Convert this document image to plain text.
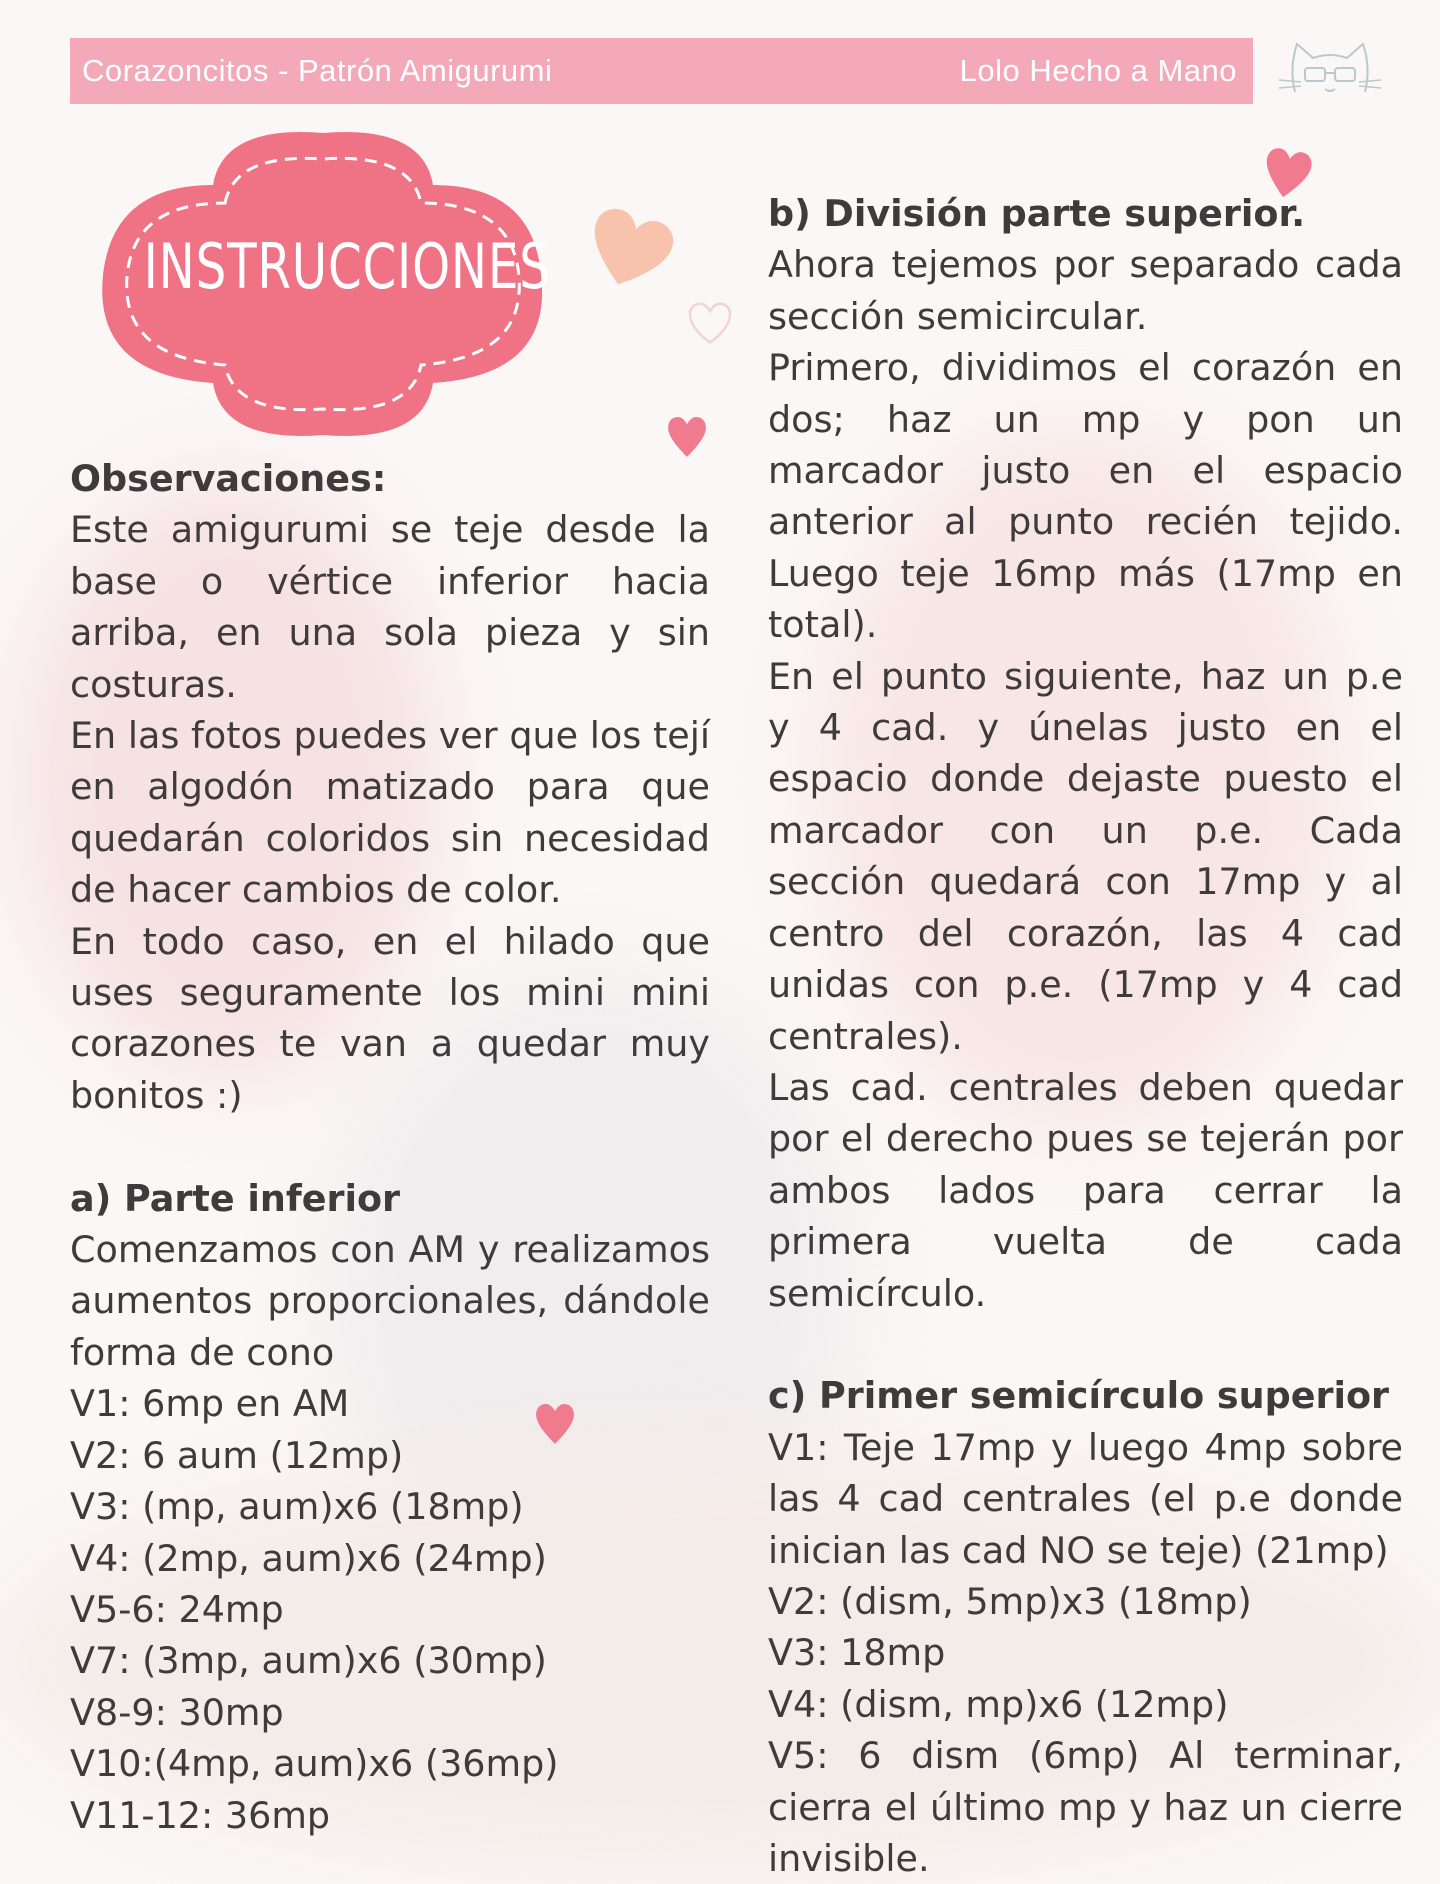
Corazoncitos - Patrón Amigurumi	Lolo Hecho a Mano
INSTRUCCIONES

Observaciones:

Este amigurumi se teje desde la base o vértice inferior hacia arriba, en una sola pieza y sin costuras.

En las fotos puedes ver que los tejí en algodón matizado para que quedarán coloridos sin necesidad de hacer cambios de color.

En todo caso, en el hilado que uses seguramente los mini mini corazones te van a quedar muy bonitos :)

a) Parte inferior

Comenzamos con AM y realizamos aumentos proporcionales, dándole forma de cono

V1: 6mp en AM

V2: 6 aum (12mp)

V3: (mp, aum)x6 (18mp)

V4: (2mp, aum)x6 (24mp)

V5-6: 24mp

V7: (3mp, aum)x6 (30mp)

V8-9: 30mp

V10:(4mp, aum)x6 (36mp)

V11-12: 36mp

b) División parte superior.

Ahora tejemos por separado cada sección semicircular.

Primero, dividimos el corazón en dos; haz un mp y pon un marcador justo en el espacio anterior al punto recién tejido. Luego teje 16mp más (17mp en total).

En el punto siguiente, haz un p.e y 4 cad. y únelas justo en el espacio donde dejaste puesto el marcador con un p.e. Cada sección quedará con 17mp y al centro del corazón, las 4 cad unidas con p.e. (17mp y 4 cad centrales).

Las cad. centrales deben quedar por el derecho pues se tejerán por ambos lados para cerrar la primera vuelta de cada semicírculo.

c) Primer semicírculo superior

V1: Teje 17mp y luego 4mp sobre las 4 cad centrales (el p.e donde inician las cad NO se teje) (21mp)

V2: (dism, 5mp)x3 (18mp)

V3: 18mp

V4: (dism, mp)x6 (12mp)

V5: 6 dism (6mp) Al terminar, cierra el último mp y haz un cierre invisible.
